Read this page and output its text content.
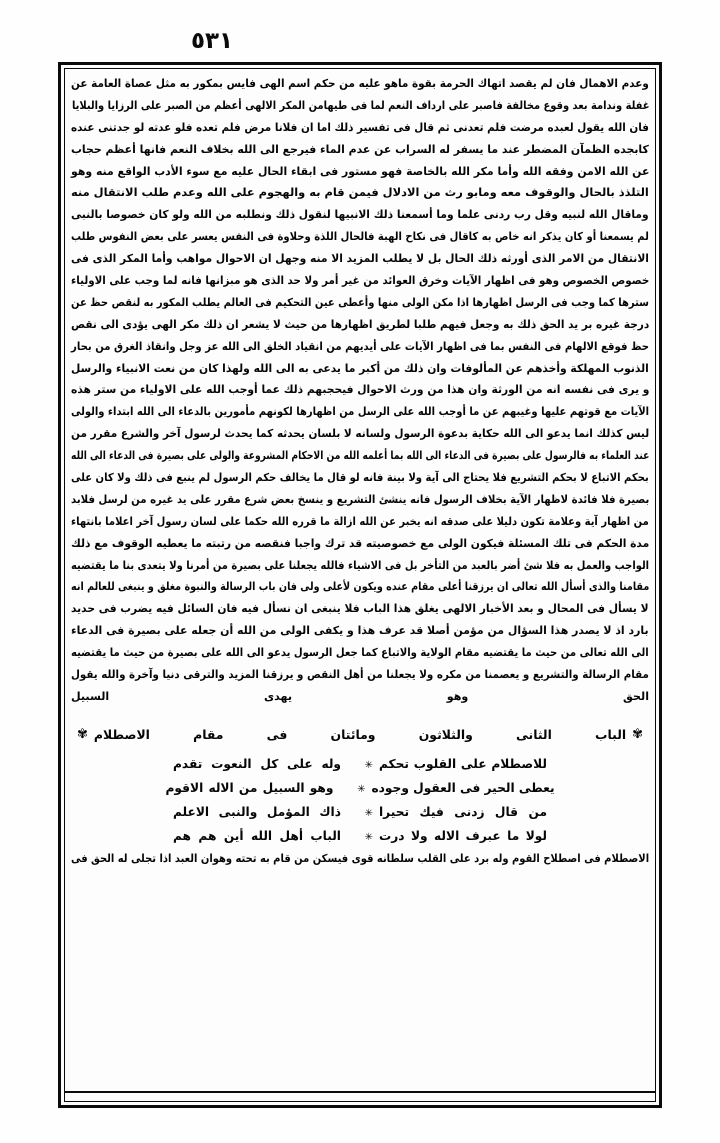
٥٣١
وعدم الاهمال فان لم يقصد اتهاك الحرمة بقوة ماهو عليه من حكم اسم الهى فايس بمكور به مثل عصاة العامة عن
غفلة وندامة بعد وقوع مخالفة فاصبر على ارداف النعم لما فى طيهامن المكر الالهى أعظم من الصبر على الرزايا والبلايا
فان الله يقول لعبده مرضت فلم تعدنى ثم قال فى تفسير ذلك اما ان فلانا مرض فلم تعده فلو عدته لو جدتنى عنده
كابجده الظمآن المضطر عند ما يسفر له السراب عن عدم الماء فيرجع الى الله بخلاف النعم فانها أعظم حجاب
عن الله الامن وفقه الله وأما مكر الله بالخاصة فهو مستور فى ابقاء الحال عليه مع سوء الأدب الواقع منه وهو
التلذذ بالحال والوقوف معه ومابو رث من الادلال فيمن قام به والهجوم على الله وعدم طلب الانتقال منه
وماقال الله لنبيه وقل رب ردنى علما وما أسمعنا ذلك الانبيها لنقول ذلك ونطلبه من الله ولو كان خصوصا بالنبى
لم يسمعنا أو كان يذكر انه خاص به كاقال فى نكاح الهبة فالحال اللذة وحلاوة فى النفس يعسر على بعض النفوس طلب
الانتقال من الامر الذى أورثه ذلك الحال بل لا يطلب المزيد الا منه وجهل ان الاحوال مواهب وأما المكر الذى فى
خصوص الخصوص وهو فى اظهار الآيات وخرق العوائد من غير أمر ولا حد الذى هو مبزانها فانه لما وجب على الاولياء
سترها كما وجب فى الرسل اظهارها اذا مكن الولى منها وأعطى عين التحكيم فى العالم يطلب المكور به لنقص حظ عن
درجة غيره بر يد الحق ذلك به وجعل فيهم طلبا لطريق اظهارها من حيث لا يشعر ان ذلك مكر الهى يؤدى الى نقص
حظ فوقع الالهام فى النفس بما فى اظهار الآيات على أيديهم من انقياد الخلق الى الله عز وجل وانقاذ الغرق من بحار
الذنوب المهلكة وأخذهم عن المألوفات وان ذلك من أكبر ما يدعى به الى الله ولهذا كان من نعت الانبياء والرسل
و يرى فى نفسه انه من الورثة وان هذا من ورث الاحوال فيحجبهم ذلك عما أوجب الله على الاولياء من ستر هذه
الآيات مع قوتهم عليها وغيبهم عن ما أوجب الله على الرسل من اظهارها لكونهم مأمورين بالدعاء الى الله ابتداء والولى
ليس كذلك انما يدعو الى الله حكاية بدعوة الرسول ولسانه لا بلسان يحدثه كما يحدث لرسول آخر والشرع مقرر من
عند العلماء به فالرسول على بصيرة فى الدعاء الى الله بما أعلمه الله من الاحكام المشروعة والولى على بصيرة فى الدعاء الى الله
بحكم الاتباع لا بحكم التشريع فلا يحتاج الى آية ولا بينة فانه لو قال ما يخالف حكم الرسول لم ينبع فى ذلك ولا كان على
بصيرة فلا فائدة لاظهار الآية بخلاف الرسول فانه ينشئ التشريع و ينسخ بعض شرع مقرر على يد غيره من لرسل فلابد
من اظهار آية وعلامة تكون دليلا على صدقه انه يخبر عن الله ازالة ما قرره الله حكما على لسان رسول آخر اعلاما بانتهاء
مدة الحكم فى تلك المسئلة فيكون الولى مع خصوصيته قد ترك واجبا فنقصه من رتبته ما يعطيه الوقوف مع ذلك
الواجب والعمل به فلا شئ أضر بالعبد من التأخر بل فى الاشياء فالله يجعلنا على بصيرة من أمرنا ولا يتعدى بنا ما يقتضيه
مقامنا والذى أسأل الله تعالى ان يرزقنا أعلى مقام عنده ويكون لأعلى ولى فان باب الرسالة والنبوة مغلق و ينبغى للعالم انه
لا يسأل فى المحال و بعد الأخبار الالهى يغلق هذا الباب فلا ينبغى ان نسأل فيه فان السائل فيه يضرب فى حديد
بارد اذ لا يصدر هذا السؤال من مؤمن أصلا قد عرف هذا و يكفى الولى من الله أن جعله على بصيرة فى الدعاء
الى الله تعالى من حيث ما يقتضيه مقام الولاية والاتباع كما جعل الرسول يدعو الى الله على بصيرة من حيث ما يقتضيه
مقام الرسالة والتشريع و يعصمنا من مكره ولا يجعلنا من أهل النقص و يرزقنا المزيد والترقى دنيا وآخرة والله يقول
الحق وهو يهدى السبيل
✾الباب الثانى والثلاثون ومائتان فى مقام الاصطلام✾
للاصطلام على القلوب تحكم
✳
وله على كل النعوت تقدم
يعطى الحير فى العقول وجوده
✳
وهو السبيل من الاله الاقوم
من قال زدنى فيك تحيرا
✳
ذاك المؤمل والنبى الاعلم
لولا ما عبرف الاله ولا درت
✳
الباب أهل الله أين هم هم
الاصطلام فى اصطلاح القوم وله برد على القلب سلطانه قوى فيسكن من قام به تحته وهوان العبد اذا تجلى له الحق فى
